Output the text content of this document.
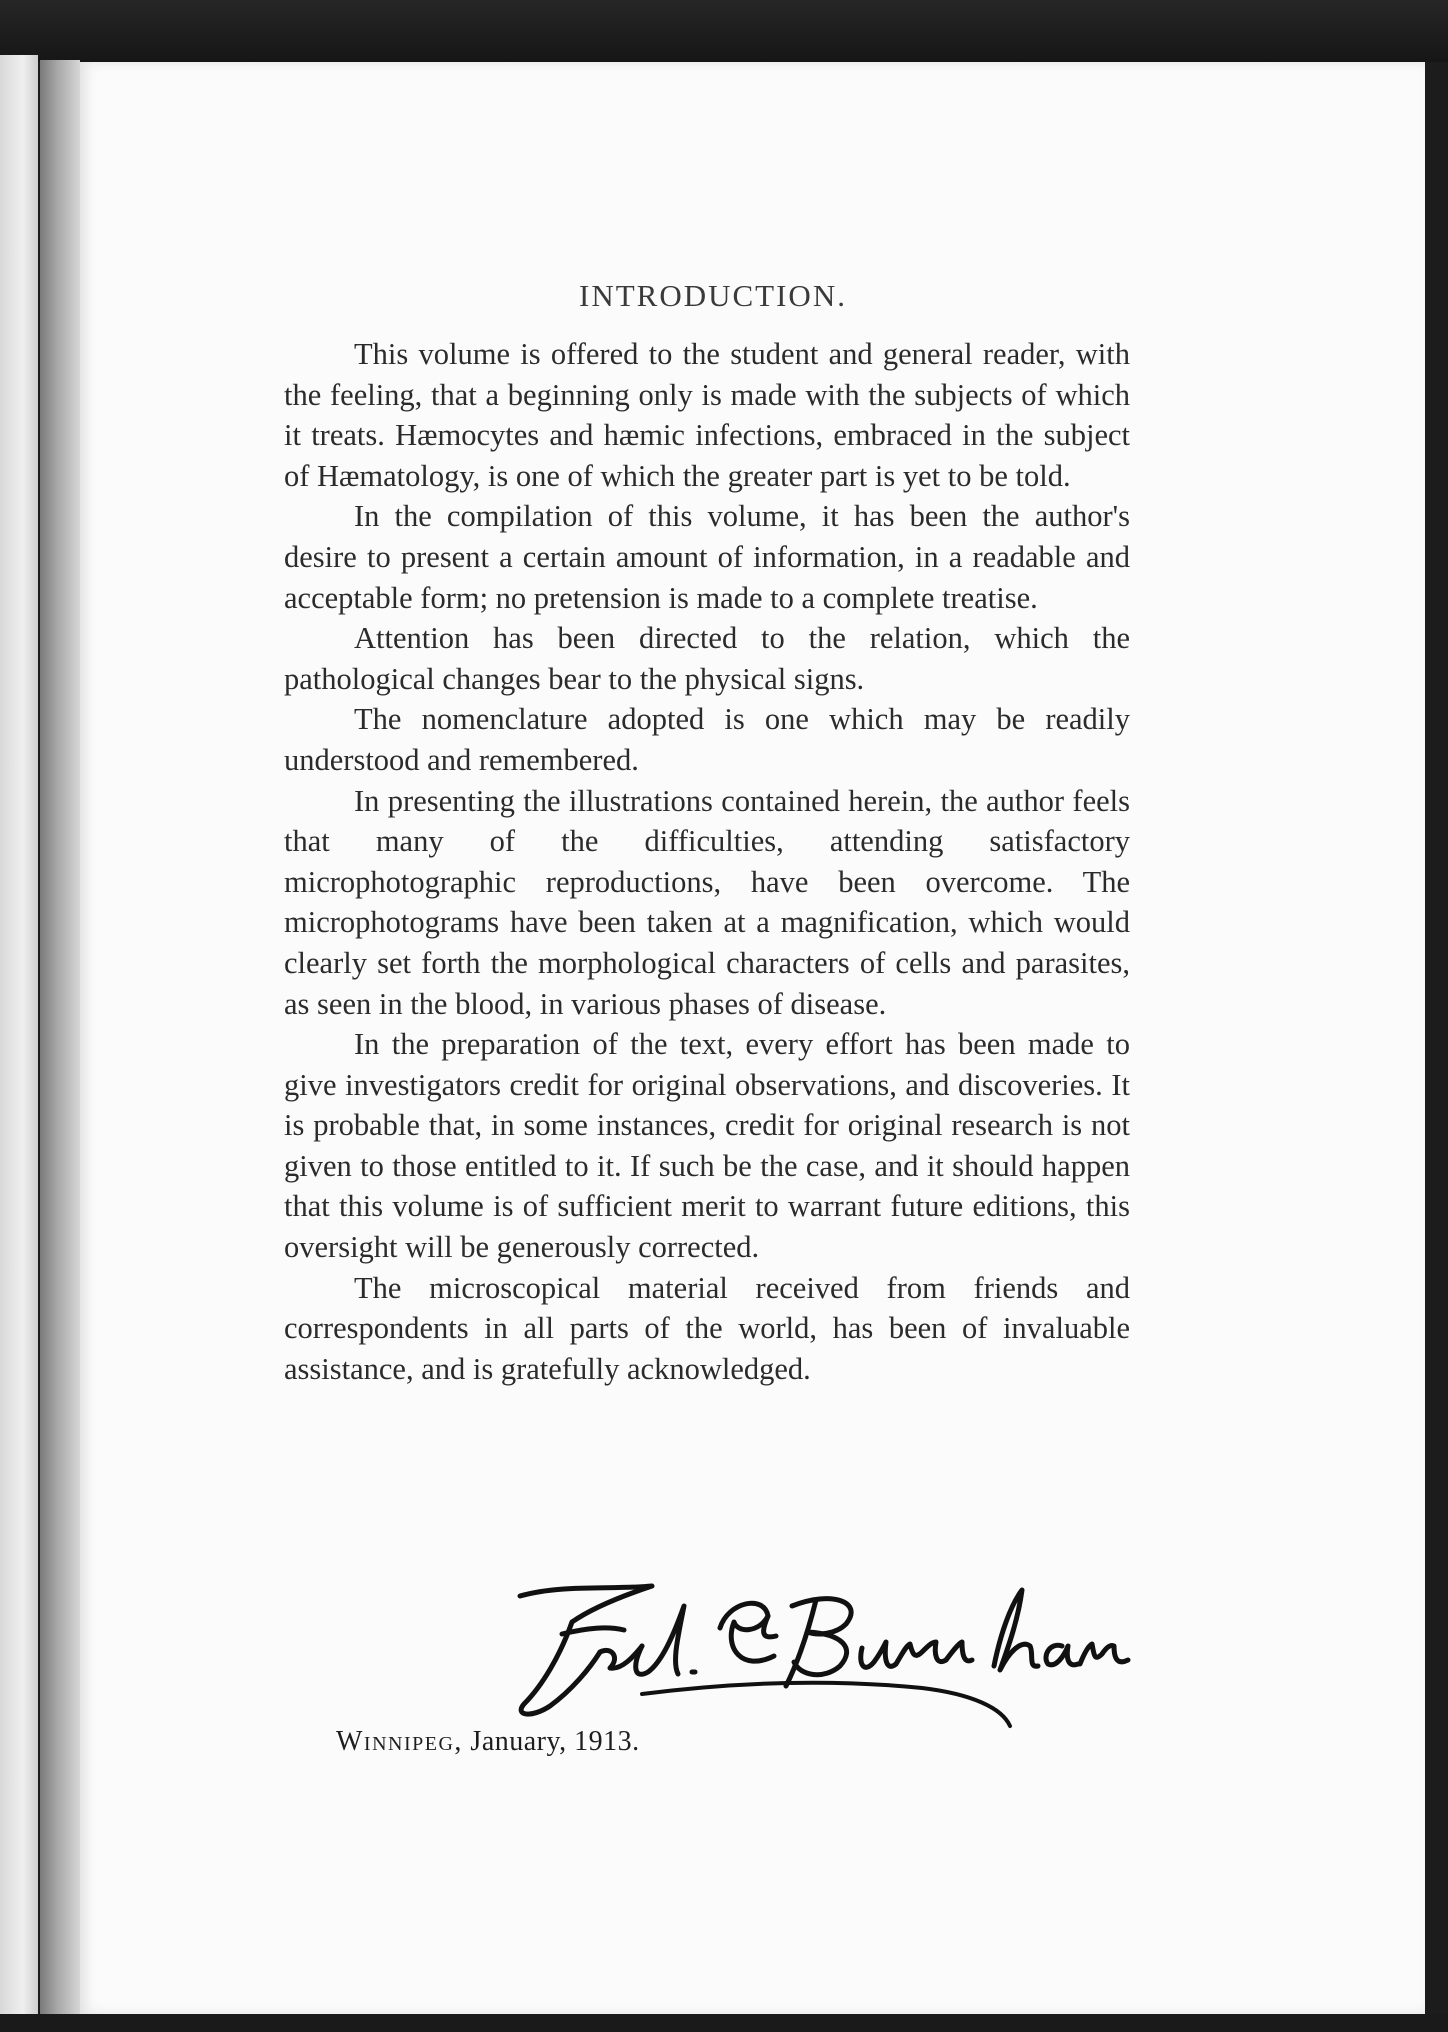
INTRODUCTION.

This volume is offered to the student and general reader, with the feeling, that a beginning only is made with the subjects of which it treats. Hæmocytes and hæmic infections, embraced in the subject of Hæmatology, is one of which the greater part is yet to be told.

In the compilation of this volume, it has been the author's desire to present a certain amount of information, in a readable and acceptable form; no pretension is made to a complete treatise.

Attention has been directed to the relation, which the pathological changes bear to the physical signs.

The nomenclature adopted is one which may be readily understood and remembered.

In presenting the illustrations contained herein, the author feels that many of the difficulties, attending satisfactory microphotographic reproductions, have been overcome. The microphotograms have been taken at a magnification, which would clearly set forth the morphological characters of cells and parasites, as seen in the blood, in various phases of disease.

In the preparation of the text, every effort has been made to give investigators credit for original observations, and discoveries. It is probable that, in some instances, credit for original research is not given to those entitled to it. If such be the case, and it should happen that this volume is of sufficient merit to warrant future editions, this oversight will be generously corrected.

The microscopical material received from friends and correspondents in all parts of the world, has been of invaluable assistance, and is gratefully acknowledged.

Winnipeg, January, 1913.
